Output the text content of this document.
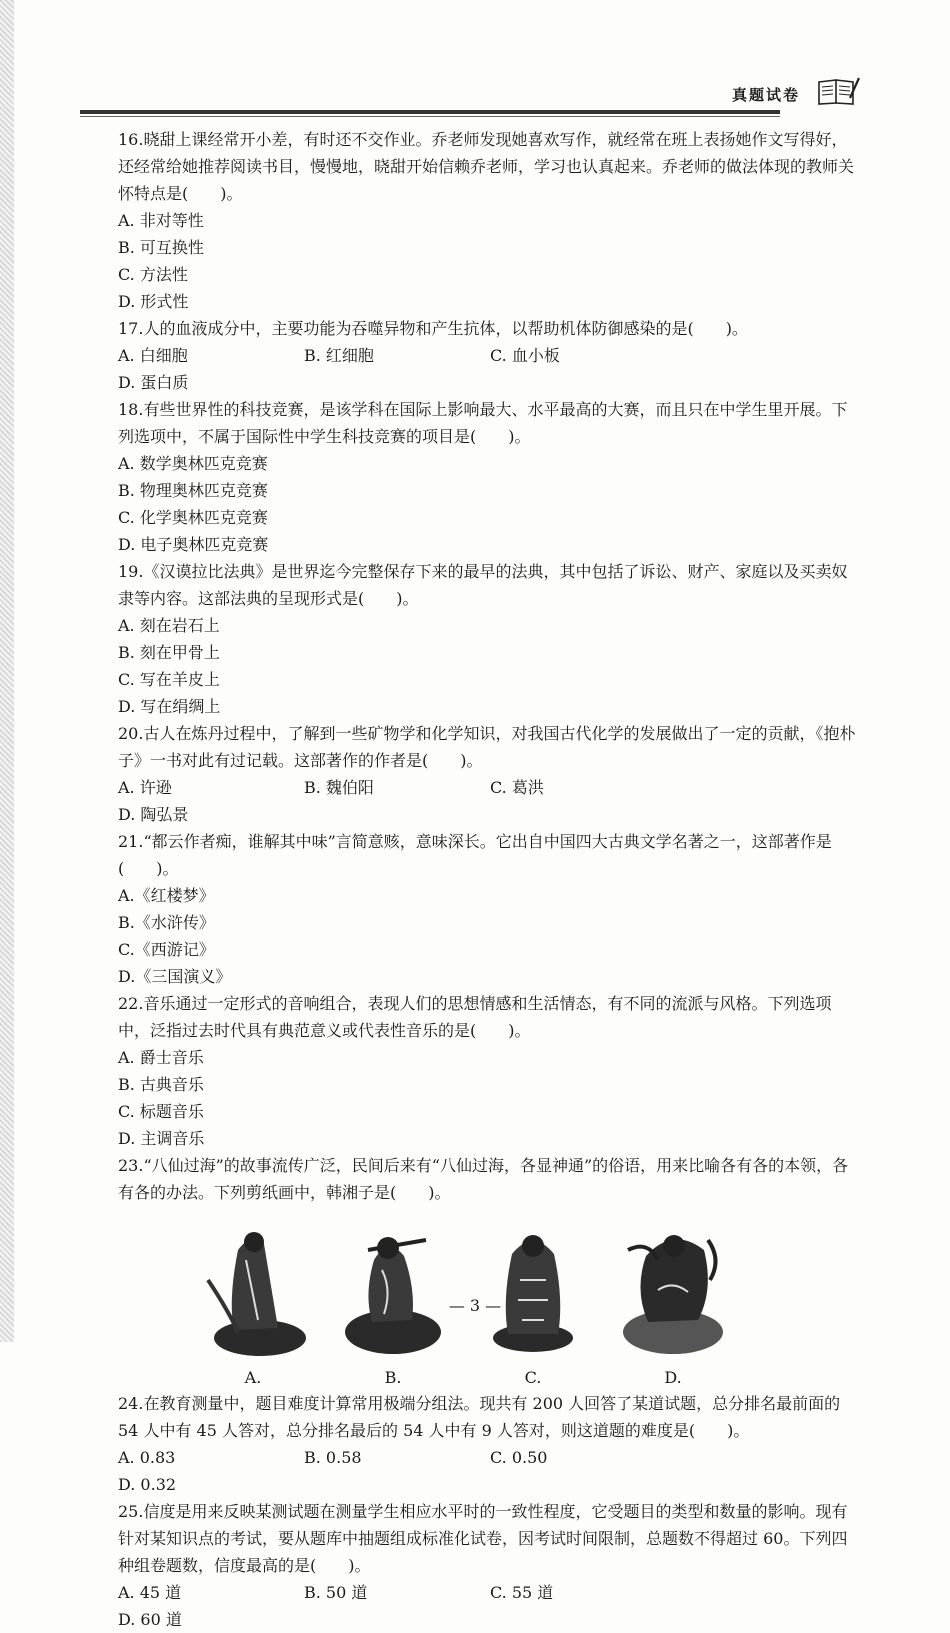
真题试卷
16.晓甜上课经常开小差，有时还不交作业。乔老师发现她喜欢写作，就经常在班上表扬她作文写得好，还经常给她推荐阅读书目，慢慢地，晓甜开始信赖乔老师，学习也认真起来。乔老师的做法体现的教师关怀特点是(　　)。
A. 非对等性
B. 可互换性
C. 方法性
D. 形式性
17.人的血液成分中，主要功能为吞噬异物和产生抗体，以帮助机体防御感染的是(　　)。
A. 白细胞	B. 红细胞	C. 血小板
D. 蛋白质
18.有些世界性的科技竞赛，是该学科在国际上影响最大、水平最高的大赛，而且只在中学生里开展。下列选项中，不属于国际性中学生科技竞赛的项目是(　　)。
A. 数学奥林匹克竞赛
B. 物理奥林匹克竞赛
C. 化学奥林匹克竞赛
D. 电子奥林匹克竞赛
19.《汉谟拉比法典》是世界迄今完整保存下来的最早的法典，其中包括了诉讼、财产、家庭以及买卖奴隶等内容。这部法典的呈现形式是(　　)。
A. 刻在岩石上
B. 刻在甲骨上
C. 写在羊皮上
D. 写在绢绸上
20.古人在炼丹过程中，了解到一些矿物学和化学知识，对我国古代化学的发展做出了一定的贡献，《抱朴子》一书对此有过记载。这部著作的作者是(　　)。
A. 许逊	B. 魏伯阳	C. 葛洪
D. 陶弘景
21.“都云作者痴，谁解其中味”言简意赅，意味深长。它出自中国四大古典文学名著之一，这部著作是(　　)。
A.《红楼梦》
B.《水浒传》
C.《西游记》
D.《三国演义》
22.音乐通过一定形式的音响组合，表现人们的思想情感和生活情态，有不同的流派与风格。下列选项中，泛指过去时代具有典范意义或代表性音乐的是(　　)。
A. 爵士音乐
B. 古典音乐
C. 标题音乐
D. 主调音乐
23.“八仙过海”的故事流传广泛，民间后来有“八仙过海，各显神通”的俗语，用来比喻各有各的本领，各有各的办法。下列剪纸画中，韩湘子是(　　)。
A.	B.	C.	D.
24.在教育测量中，题目难度计算常用极端分组法。现共有 200 人回答了某道试题，总分排名最前面的 54 人中有 45 人答对，总分排名最后的 54 人中有 9 人答对，则这道题的难度是(　　)。
A. 0.83	B. 0.58	C. 0.50
D. 0.32
25.信度是用来反映某测试题在测量学生相应水平时的一致性程度，它受题目的类型和数量的影响。现有针对某知识点的考试，要从题库中抽题组成标准化试卷，因考试时间限制，总题数不得超过 60。下列四种组卷题数，信度最高的是(　　)。
A. 45 道	B. 50 道	C. 55 道
D. 60 道
— 3 —
